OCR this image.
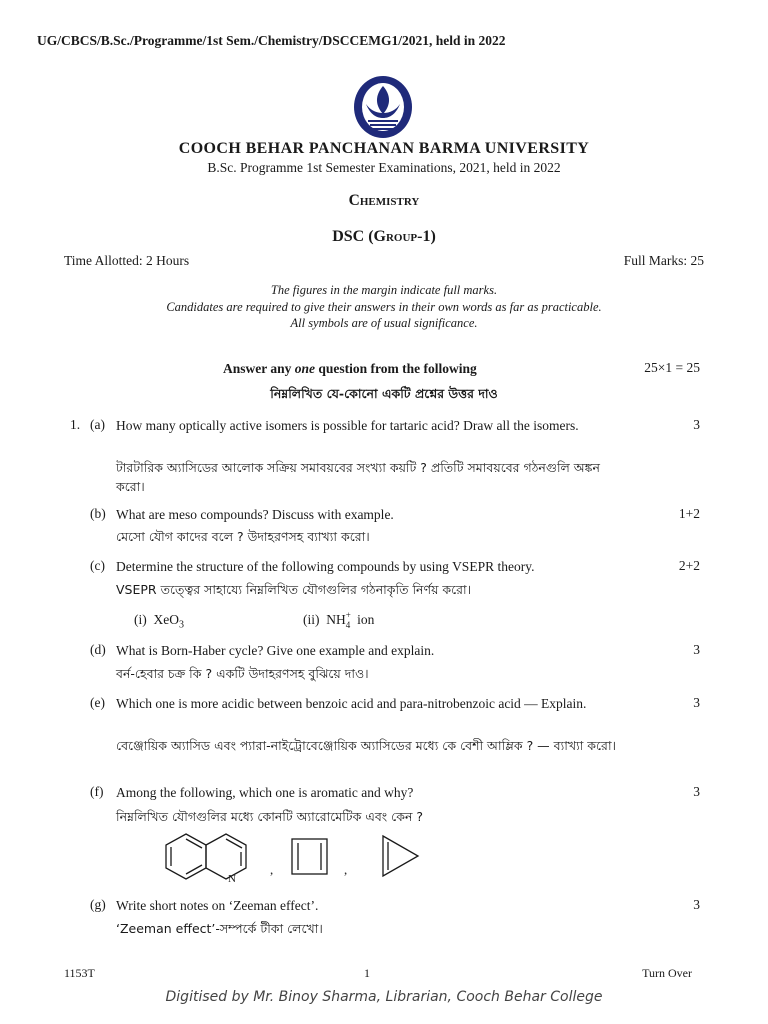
UG/CBCS/B.Sc./Programme/1st Sem./Chemistry/DSCCEMG1/2021, held in 2022
COOCH BEHAR PANCHANAN BARMA UNIVERSITY
B.Sc. Programme 1st Semester Examinations, 2021, held in 2022
Chemistry
DSC (Group-1)
Time Allotted: 2 Hours	Full Marks: 25
The figures in the margin indicate full marks.
Candidates are required to give their answers in their own words as far as practicable.
All symbols are of usual significance.
Answer any one question from the following	25×1 = 25
নিম্নলিখিত যে-কোনো একটি প্রশ্নের উত্তর দাও
1. (a) How many optically active isomers is possible for tartaric acid? Draw all the isomers.
টারটারিক অ্যাসিডের আলোক সক্রিয় সমাবয়বের সংখ্যা কয়টি ? প্রতিটি সমাবয়বের গঠনগুলি অঙ্কন করো।
3
(b) What are meso compounds? Discuss with example.
মেসো যৌগ কাদের বলে ? উদাহরণসহ ব্যাখ্যা করো।
1+2
(c) Determine the structure of the following compounds by using VSEPR theory.
VSEPR তত্ত্বের সাহায্যে নিম্নলিখিত যৌগগুলির গঠনাকৃতি নির্ণয় করো।
2+2
(i) XeO$_3$	(ii) NH +
4 ion
(d) What is Born-Haber cycle? Give one example and explain.
বর্ন-হেবার চক্র কি ? একটি উদাহরণসহ বুঝিয়ে দাও।
3
(e) Which one is more acidic between benzoic acid and para-nitrobenzoic acid — Explain.
বেঞ্জোয়িক অ্যাসিড এবং প্যারা-নাইট্রোবেঞ্জোয়িক অ্যাসিডের মধ্যে কে বেশী আম্লিক ? — ব্যাখ্যা করো।
3
(f) Among the following, which one is aromatic and why?
নিম্নলিখিত যৌগগুলির মধ্যে কোনটি অ্যারোমেটিক এবং কেন ?
3
N
,	,
(g) Write short notes on ‘Zeeman effect’.
‘Zeeman effect’-সম্পর্কে টীকা লেখো।
3
1153T	1	Turn Over
Digitised by Mr. Binoy Sharma, Librarian, Cooch Behar College
